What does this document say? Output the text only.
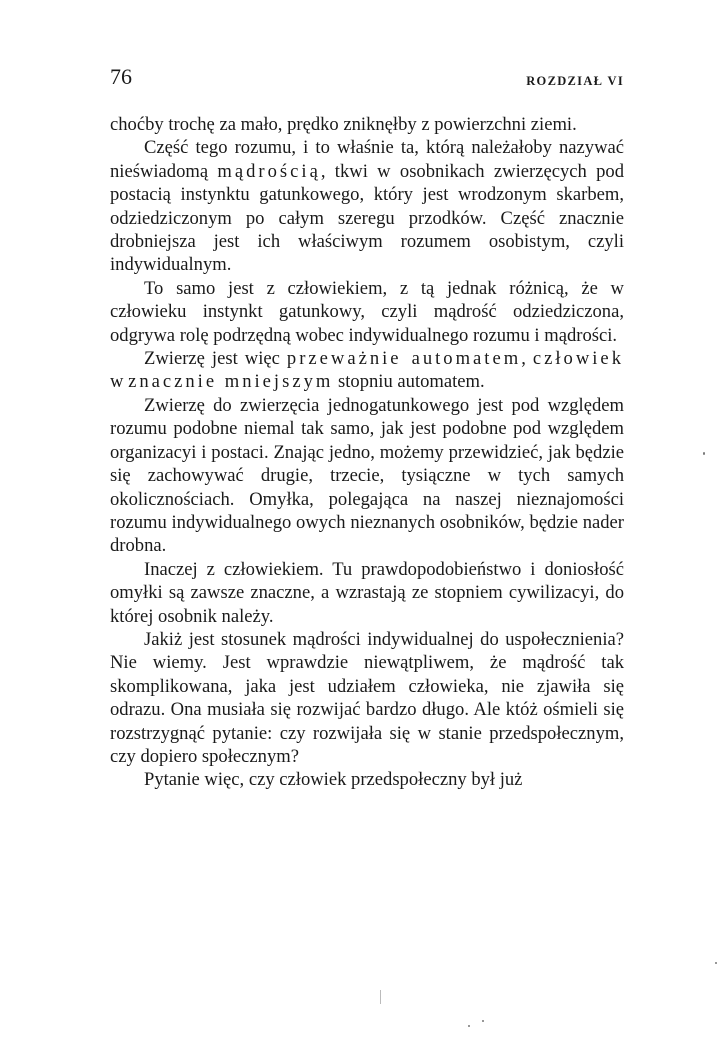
76	ROZDZIAŁ VI

choćby trochę za mało, prędko zniknęłby z powierzchni ziemi.

Część tego rozumu, i to właśnie ta, którą należałoby nazywać nieświadomą mądrością, tkwi w osobnikach zwierzęcych pod postacią instynktu gatunkowego, który jest wrodzonym skarbem, odziedziczonym po całym szeregu przodków. Część znacznie drobniejsza jest ich właściwym rozumem osobistym, czyli indywidualnym.

To samo jest z człowiekiem, z tą jednak różnicą, że w człowieku instynkt gatunkowy, czyli mądrość odziedziczona, odgrywa rolę podrzędną wobec indywidualnego rozumu i mądrości.

Zwierzę jest więc przeważnie automatem, człowiek w znacznie mniejszym stopniu automatem.

Zwierzę do zwierzęcia jednogatunkowego jest pod względem rozumu podobne niemal tak samo, jak jest podobne pod względem organizacyi i postaci. Znając jedno, możemy przewidzieć, jak będzie się zachowywać drugie, trzecie, tysiączne w tych samych okolicznościach. Omyłka, polegająca na naszej nieznajomości rozumu indywidualnego owych nieznanych osobników, będzie nader drobna.

Inaczej z człowiekiem. Tu prawdopodobieństwo i doniosłość omyłki są zawsze znaczne, a wzrastają ze stopniem cywilizacyi, do której osobnik należy.

Jakiż jest stosunek mądrości indywidualnej do uspołecznienia? Nie wiemy. Jest wprawdzie niewątpliwem, że mądrość tak skomplikowana, jaka jest udziałem człowieka, nie zjawiła się odrazu. Ona musiała się rozwijać bardzo długo. Ale któż ośmieli się rozstrzygnąć pytanie: czy rozwijała się w stanie przedspołecznym, czy dopiero społecznym?

Pytanie więc, czy człowiek przedspołeczny był już
